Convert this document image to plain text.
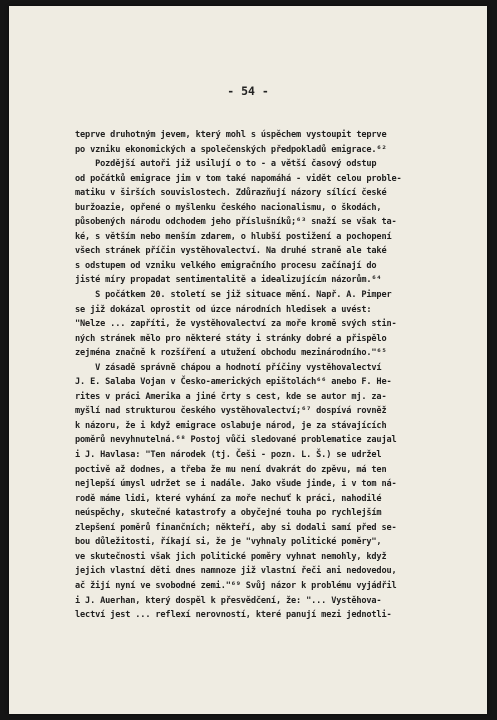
- 54 -
teprve druhotným jevem, který mohl s úspěchem vystoupit teprve
po vzniku ekonomických a společenských předpokladů emigrace.⁶²
Pozdější autoři již usilují o to - a větší časový odstup
od počátků emigrace jim v tom také napomáhá - vidět celou proble-
matiku v širších souvislostech. Zdůrazňují názory sílící české
buržoazie, opřené o myšlenku českého nacionalismu, o škodách,
působených národu odchodem jeho příslušníků;⁶³ snaží se však ta-
ké, s větším nebo menším zdarem, o hlubší postižení a pochopení
všech stránek příčin vystěhovalectví. Na druhé straně ale také
s odstupem od vzniku velkého emigračního procesu začínají do
jisté míry propadat sentimentalitě a idealizujícím názorům.⁶⁴
S počátkem 20. století se již situace mění. Např. A. Pimper
se již dokázal oprostit od úzce národních hledisek a uvést:
"Nelze ... zapříti, že vystěhovalectví za moře kromě svých stin-
ných stránek mělo pro některé státy i stránky dobré a přispělo
zejména značně k rozšíření a utužení obchodu mezinárodního."⁶⁵
V zásadě správně chápou a hodnotí příčiny vystěhovalectví
J. E. Salaba Vojan v Česko-amerických epištolách⁶⁶ anebo F. He-
rites v práci Amerika a jiné črty s cest, kde se autor mj. za-
myšlí nad strukturou českého vystěhovalectví;⁶⁷ dospívá rovněž
k názoru, že i když emigrace oslabuje národ, je za stávajících
poměrů nevyhnutelná.⁶⁸ Postoj vůči sledované problematice zaujal
i J. Havlasa: "Ten národek (tj. Češi - pozn. L. Š.) se udržel
poctivě až dodnes, a třeba že mu není dvakrát do zpěvu, má ten
nejlepší úmysl udržet se i nadále. Jako všude jinde, i v tom ná-
rodě máme lidi, které vyhání za moře nechuť k práci, nahodilé
neúspěchy, skutečné katastrofy a obyčejné touha po rychlejším
zlepšení poměrů finančních; někteří, aby si dodali samí před se-
bou důležitosti, říkají si, že je "vyhnaly politické poměry",
ve skutečnosti však jich politické poměry vyhnat nemohly, když
jejich vlastní děti dnes namnoze již vlastní řeči ani nedovedou,
ač žijí nyní ve svobodné zemi."⁶⁹ Svůj názor k problému vyjádřil
i J. Auerhan, který dospěl k přesvědčení, že: "... Vystěhova-
lectví jest ... reflexí nerovností, které panují mezi jednotli-
